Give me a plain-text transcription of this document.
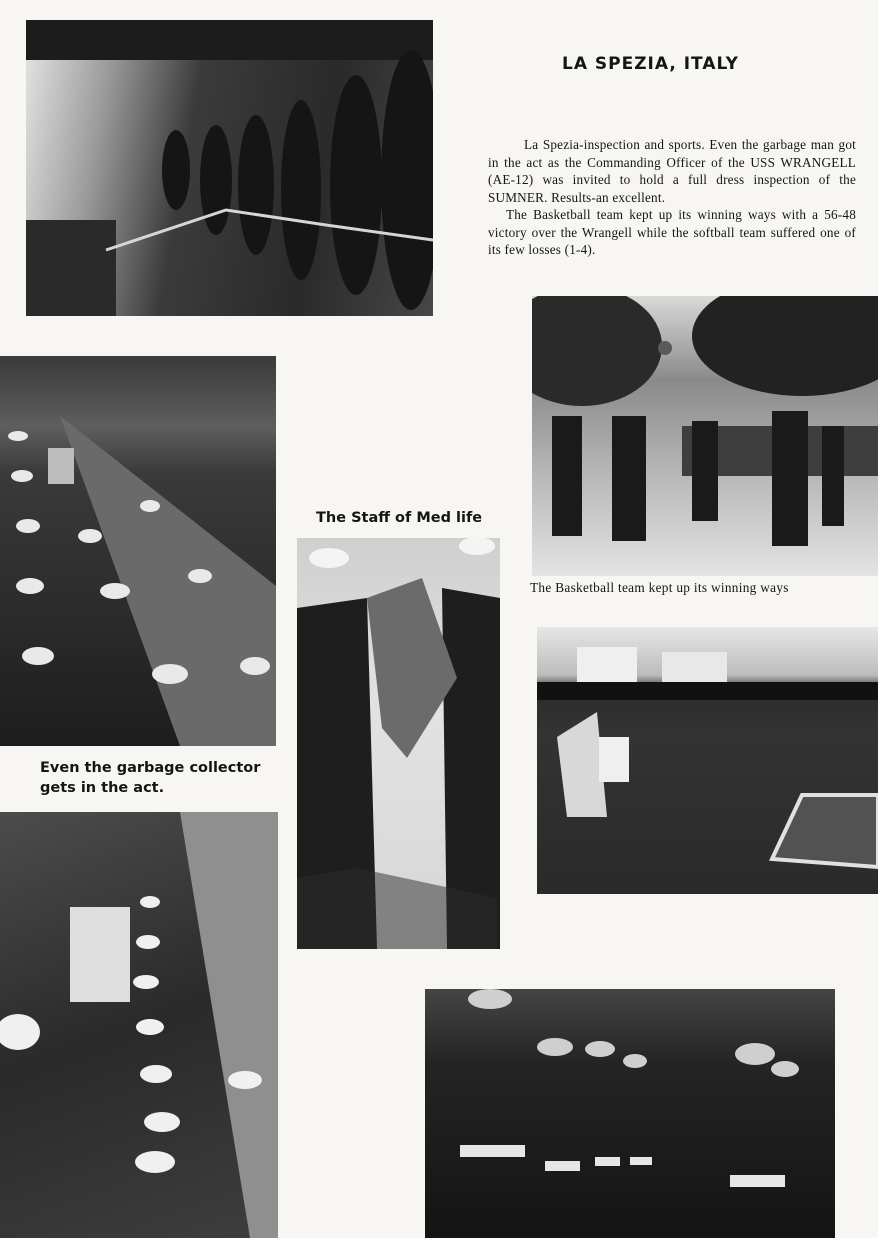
LA SPEZIA, ITALY

La Spezia-inspection and sports. Even the garbage man got in the act as the Commanding Officer of the USS WRANGELL (AE-12) was invited to hold a full dress inspection of the SUMNER. Results-an excellent.

The Basketball team kept up its winning ways with a 56-48 victory over the Wrangell while the softball team suffered one of its few losses (1-4).

The Staff of Med life

Even the garbage collector gets in the act.

The Basketball team kept up its winning ways
